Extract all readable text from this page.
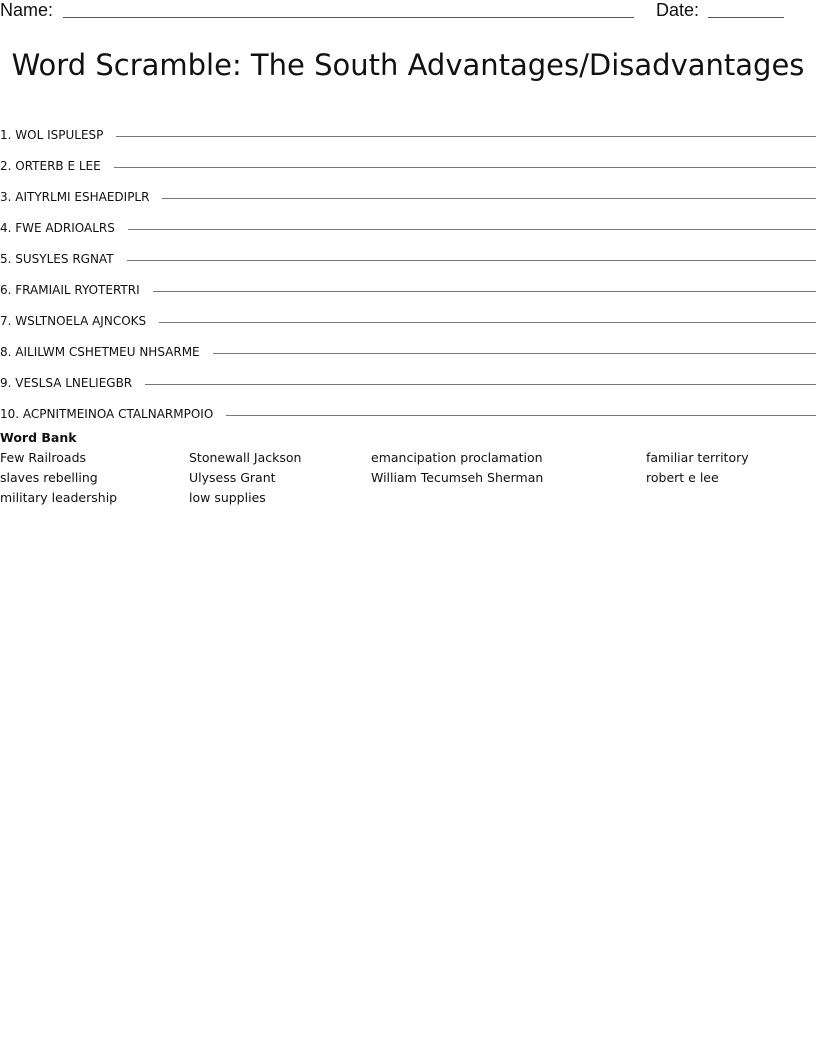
Name:	Date:
Word Scramble: The South Advantages/Disadvantages
1. WOL ISPULESP
2. ORTERB E LEE
3. AITYRLMI ESHAEDIPLR
4. FWE ADRIOALRS
5. SUSYLES RGNAT
6. FRAMIAIL RYOTERTRI
7. WSLTNOELA AJNCOKS
8. AILILWM CSHETMEU NHSARME
9. VESLSA LNELIEGBR
10. ACPNITMEINOA CTALNARMPOIO
Word Bank
Few Railroads	Stonewall Jackson	emancipation proclamation	familiar territory
slaves rebelling	Ulysess Grant	William Tecumseh Sherman	robert e lee
military leadership	low supplies
